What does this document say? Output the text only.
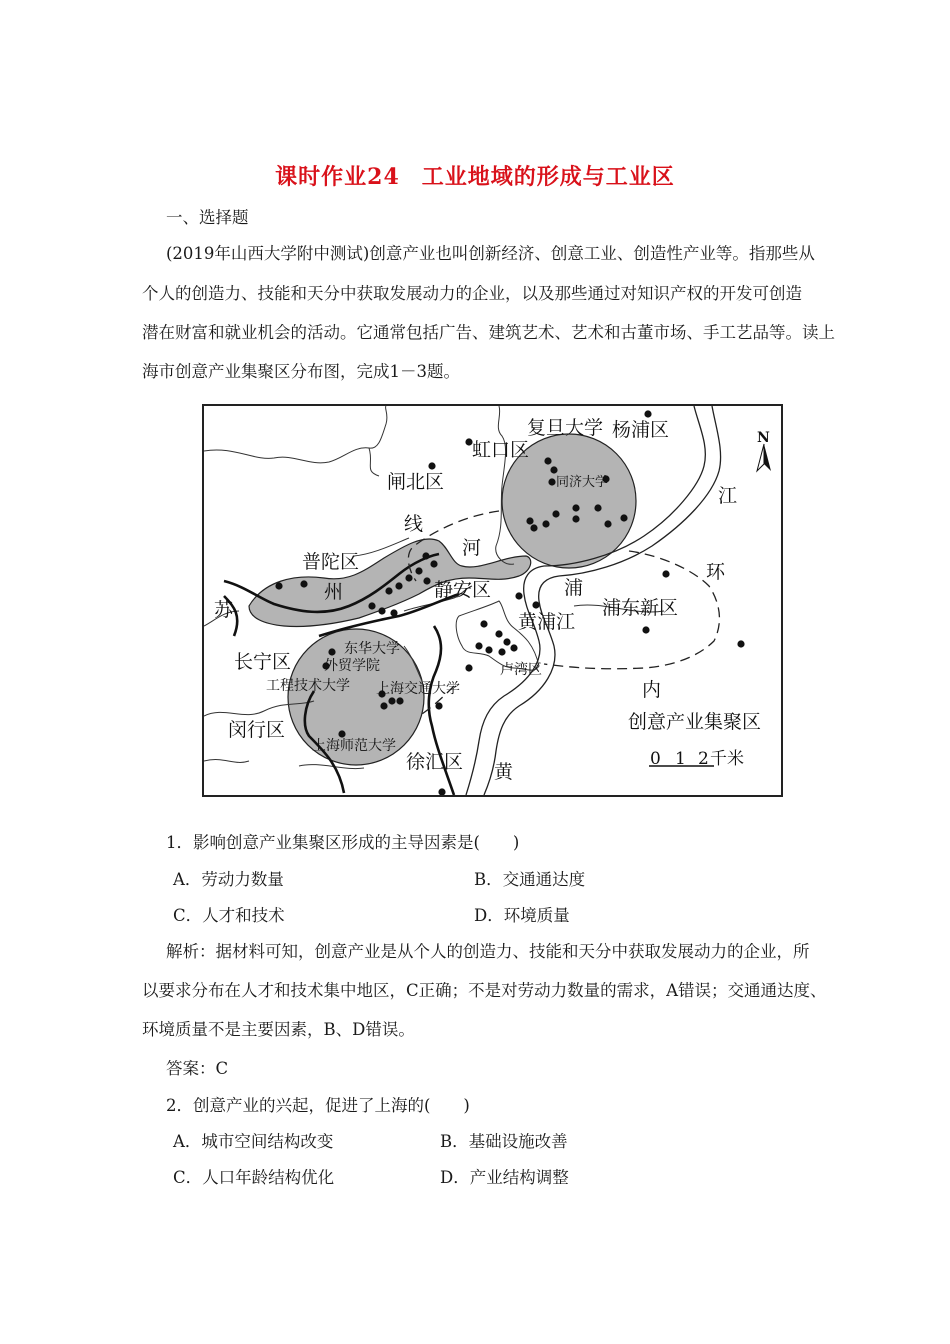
课时作业24 工业地域的形成与工业区
一、选择题
(2019年山西大学附中测试)创意产业也叫创新经济、创意工业、创造性产业等。指那些从
个人的创造力、技能和天分中获取发展动力的企业，以及那些通过对知识产权的开发可创造
潜在财富和就业机会的活动。它通常包括广告、建筑艺术、艺术和古董市场、手工艺品等。读上
海市创意产业集聚区分布图，完成1－3题。
N
0 1 2 千米
复旦大学 杨浦区
虹口区
同济大学
闸北区
江
线
河
普陀区	环
州	静安区	浦
苏	浦东新区
黄浦江
长宁区
东华大学
外贸学院	卢湾区
工程技术大学 上海交通大学	内
闵行区	创意产业集聚区
上海师范大学
徐汇区 黄
1．影响创意产业集聚区形成的主导因素是(　　)
A．劳动力数量	B．交通通达度
C．人才和技术	D．环境质量
解析：据材料可知，创意产业是从个人的创造力、技能和天分中获取发展动力的企业，所
以要求分布在人才和技术集中地区，C正确；不是对劳动力数量的需求，A错误；交通通达度、
环境质量不是主要因素，B、D错误。
答案：C
2．创意产业的兴起，促进了上海的(　　)
A．城市空间结构改变	B．基础设施改善
C．人口年龄结构优化	D．产业结构调整
